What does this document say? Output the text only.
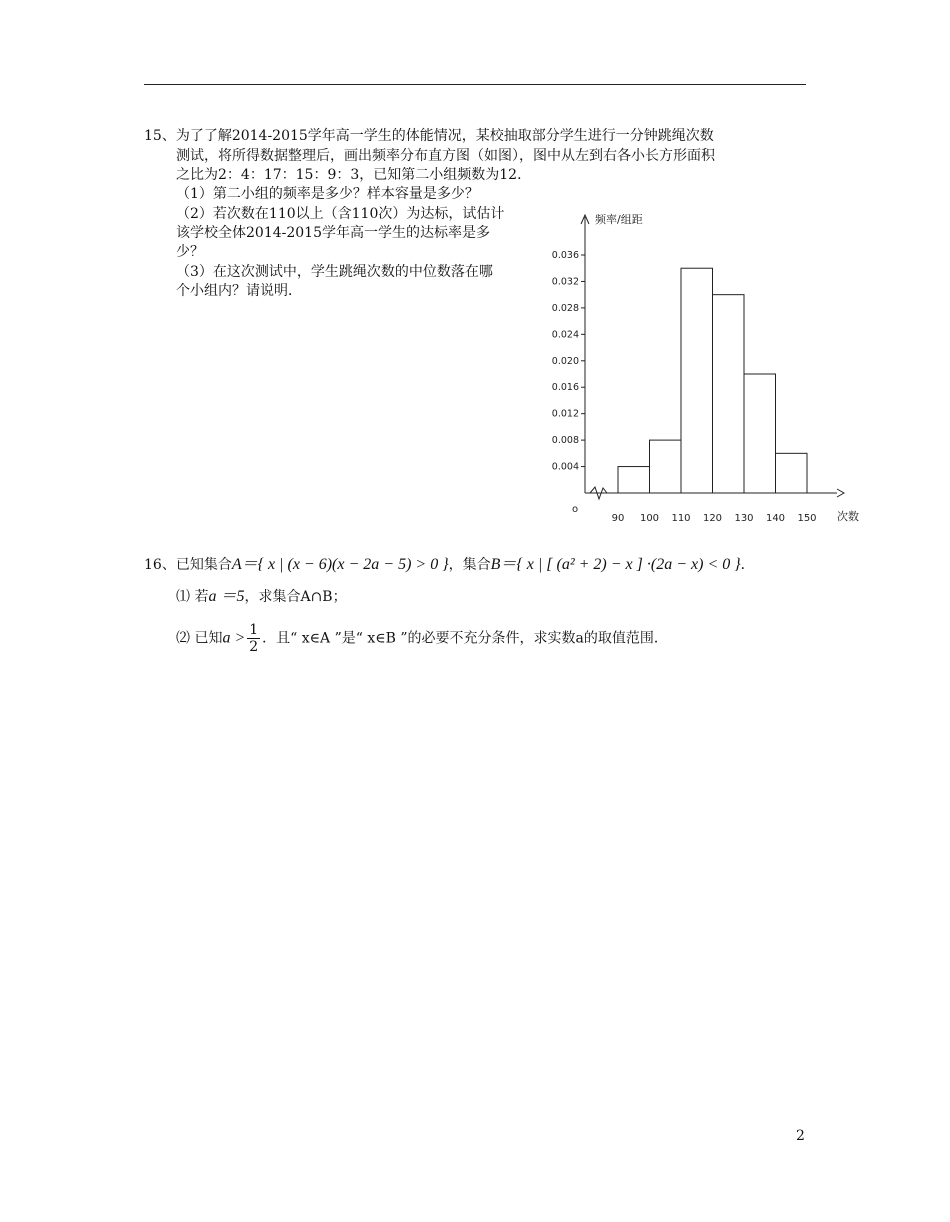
15、为了了解2014-2015学年高一学生的体能情况，某校抽取部分学生进行一分钟跳绳次数
测试，将所得数据整理后，画出频率分布直方图（如图），图中从左到右各小长方形面积
之比为2：4：17：15：9：3，已知第二小组频数为12．
（1）第二小组的频率是多少？样本容量是多少？
（2）若次数在110以上（含110次）为达标，试估计
该学校全体2014-2015学年高一学生的达标率是多
少？
（3）在这次测试中，学生跳绳次数的中位数落在哪
个小组内？请说明．
0.004
0.008
0.012
0.016
0.020
0.024
0.028
0.032
0.036
90 100 110 120 130 140 150
频率/组距
次数
o
16、已知集合A＝{ x | (x − 6)(x − 2a − 5) > 0 }，集合B＝{ x | [ (a² + 2) − x ] ·(2a − x) < 0 }．
⑴ 若a ＝5，求集合A∩B；
⑵ 已知$a > \frac{1}{2}$ ．且“ x∈A ”是“ x∈B ”的必要不充分条件，求实数a的取值范围．
2
